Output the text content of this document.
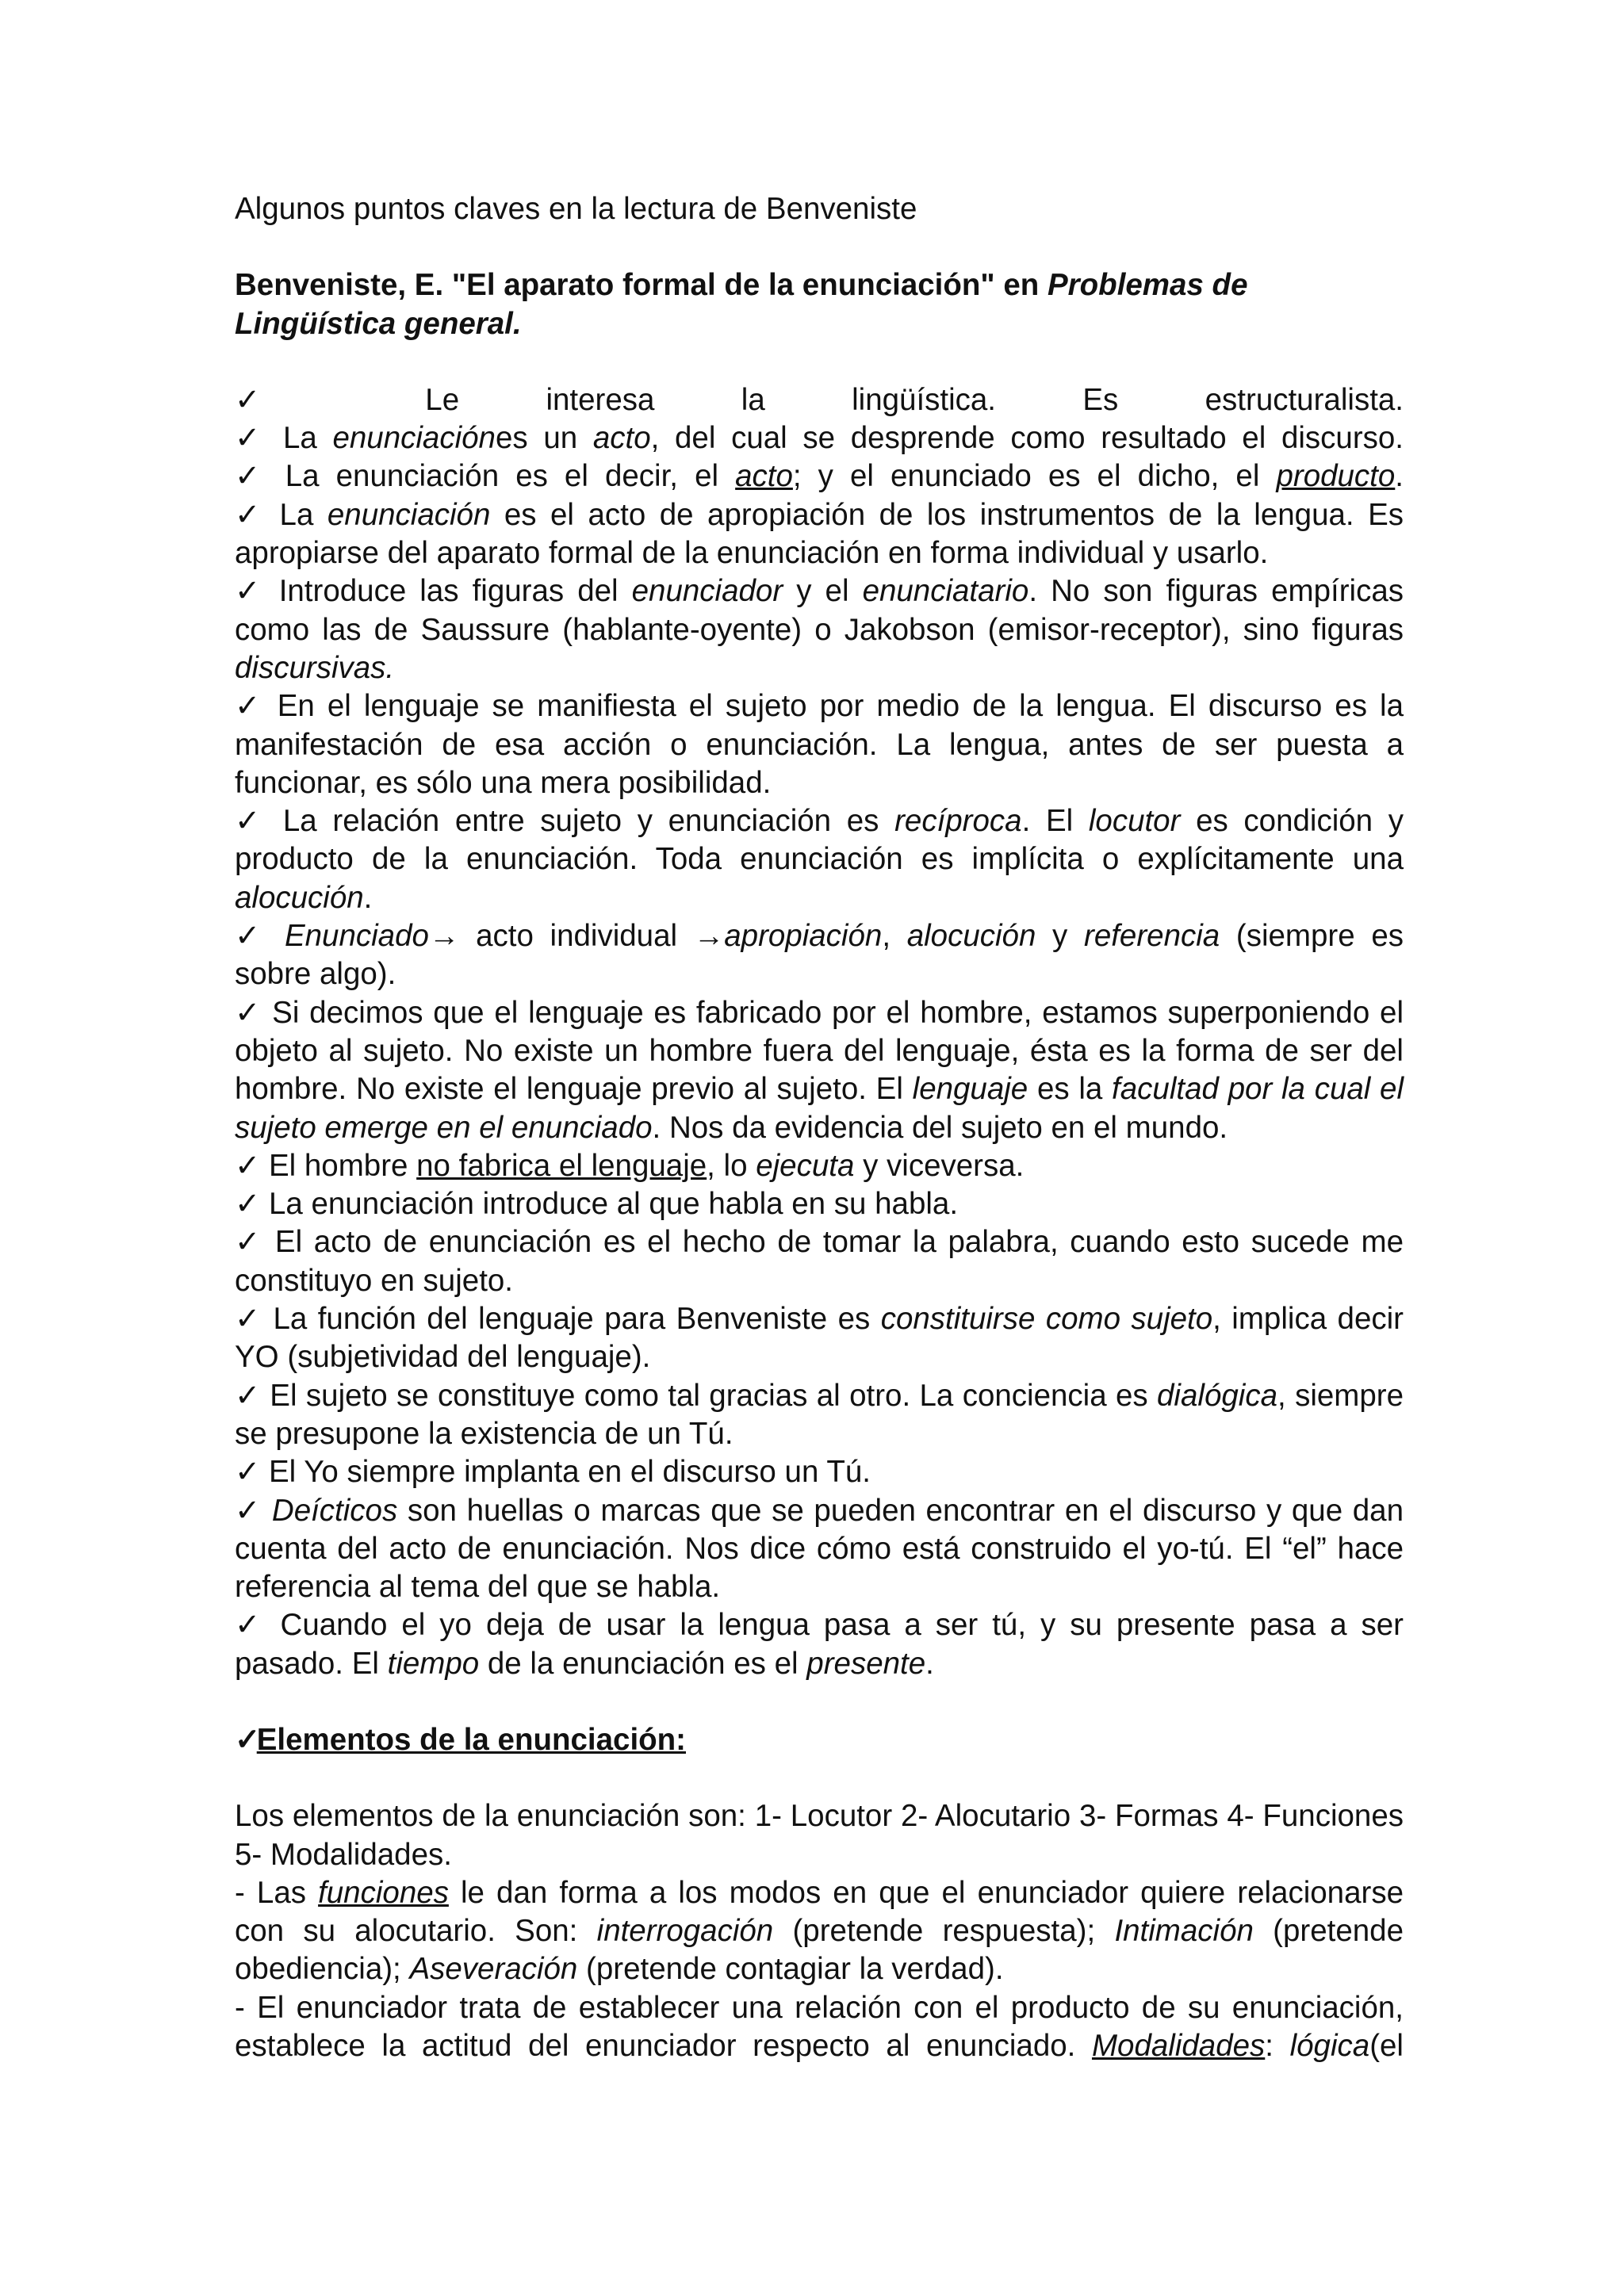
Algunos puntos claves en la lectura de Benveniste

Benveniste, E. "El aparato formal de la enunciación" en Problemas de
Lingüística general.

✓ Le interesa la lingüística. Es estructuralista.

✓ La enunciaciónes un acto, del cual se desprende como resultado el discurso.

✓ La enunciación es el decir, el acto; y el enunciado es el dicho, el producto.

✓ La enunciación es el acto de apropiación de los instrumentos de la lengua. Es apropiarse del aparato formal de la enunciación en forma individual y usarlo.

✓ Introduce las figuras del enunciador y el enunciatario. No son figuras empíricas como las de Saussure (hablante-oyente) o Jakobson (emisor-receptor), sino figuras discursivas.

✓ En el lenguaje se manifiesta el sujeto por medio de la lengua. El discurso es la manifestación de esa acción o enunciación. La lengua, antes de ser puesta a funcionar, es sólo una mera posibilidad.

✓ La relación entre sujeto y enunciación es recíproca. El locutor es condición y producto de la enunciación. Toda enunciación es implícita o explícitamente una alocución.

✓ Enunciado→ acto individual →apropiación, alocución y referencia (siempre es sobre algo).

✓ Si decimos que el lenguaje es fabricado por el hombre, estamos superponiendo el objeto al sujeto. No existe un hombre fuera del lenguaje, ésta es la forma de ser del hombre. No existe el lenguaje previo al sujeto. El lenguaje es la facultad por la cual el sujeto emerge en el enunciado. Nos da evidencia del sujeto en el mundo.

✓ El hombre no fabrica el lenguaje, lo ejecuta y viceversa.

✓ La enunciación introduce al que habla en su habla.

✓ El acto de enunciación es el hecho de tomar la palabra, cuando esto sucede me constituyo en sujeto.

✓ La función del lenguaje para Benveniste es constituirse como sujeto, implica decir YO (subjetividad del lenguaje).

✓ El sujeto se constituye como tal gracias al otro. La conciencia es dialógica, siempre se presupone la existencia de un Tú.

✓ El Yo siempre implanta en el discurso un Tú.

✓ Deícticos son huellas o marcas que se pueden encontrar en el discurso y que dan cuenta del acto de enunciación. Nos dice cómo está construido el yo-tú. El “el” hace referencia al tema del que se habla.

✓ Cuando el yo deja de usar la lengua pasa a ser tú, y su presente pasa a ser pasado. El tiempo de la enunciación es el presente.

✓Elementos de la enunciación:

Los elementos de la enunciación son: 1- Locutor 2- Alocutario 3- Formas 4- Funciones 5- Modalidades.

- Las funciones le dan forma a los modos en que el enunciador quiere relacionarse con su alocutario. Son: interrogación (pretende respuesta); Intimación (pretende obediencia); Aseveración (pretende contagiar la verdad).

- El enunciador trata de establecer una relación con el producto de su enunciación, establece la actitud del enunciador respecto al enunciado. Modalidades: lógica(el
